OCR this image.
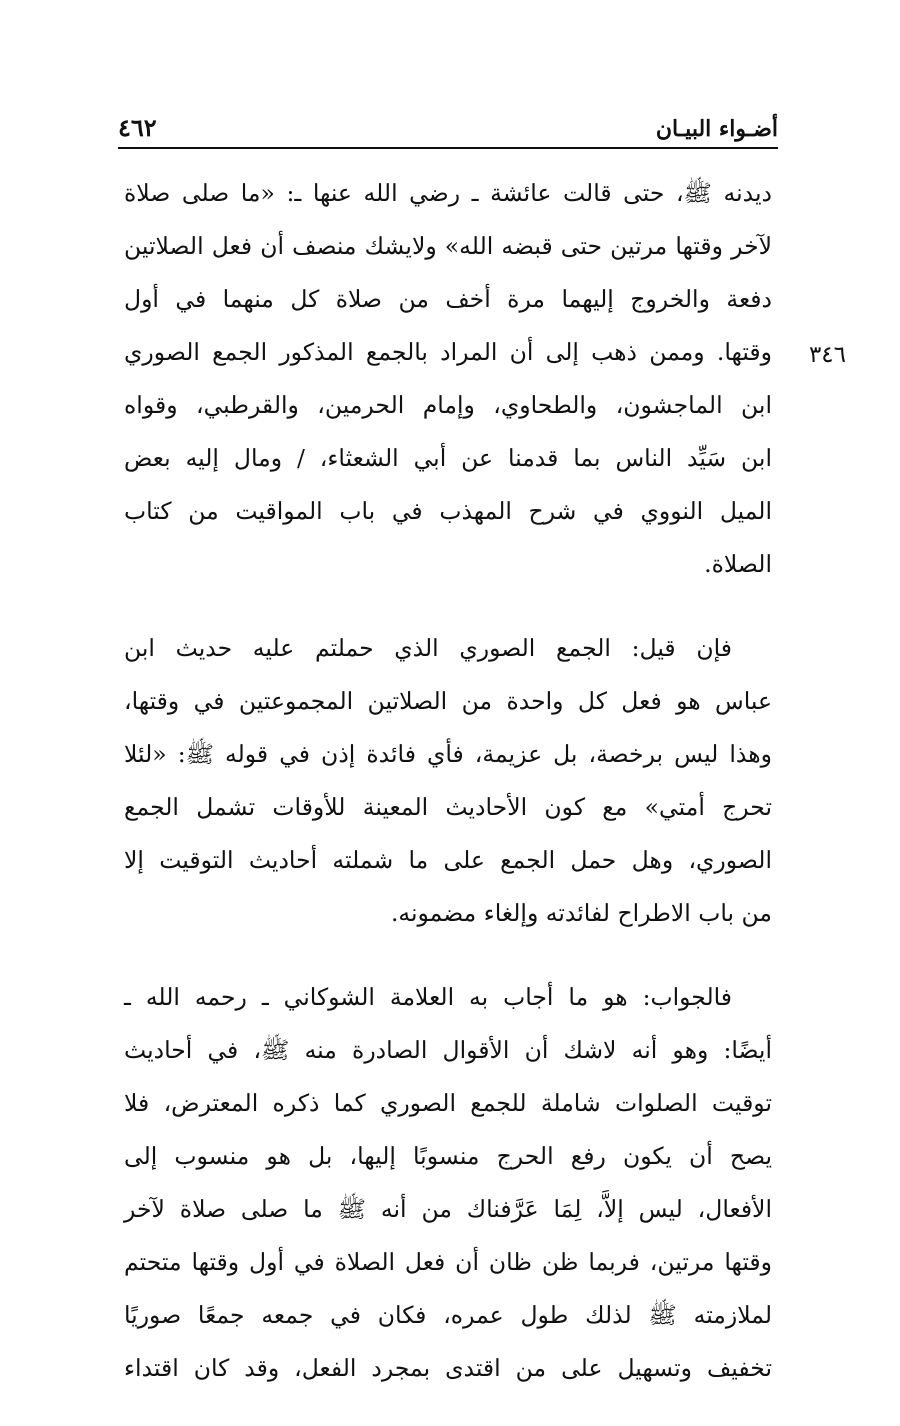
٤٦٢	أضـواء البيـان
٣٤٦
ديدنه ﷺ، حتى قالت عائشة ـ رضي الله عنها ـ: «ما صلى صلاة
لآخر وقتها مرتين حتى قبضه الله» ولايشك منصف أن فعل الصلاتين
دفعة والخروج إليهما مرة أخف من صلاة كل منهما في أول
وقتها. وممن ذهب إلى أن المراد بالجمع المذكور الجمع الصوري
ابن الماجشون، والطحاوي، وإمام الحرمين، والقرطبي، وقواه
ابن سَيِّد الناس بما قدمنا عن أبي الشعثاء، / ومال إليه بعض
الميل النووي في شرح المهذب في باب المواقيت من كتاب
الصلاة.
فإن قيل: الجمع الصوري الذي حملتم عليه حديث ابن
عباس هو فعل كل واحدة من الصلاتين المجموعتين في وقتها،
وهذا ليس برخصة، بل عزيمة، فأي فائدة إذن في قوله ﷺ: «لئلا
تحرج أمتي» مع كون الأحاديث المعينة للأوقات تشمل الجمع
الصوري، وهل حمل الجمع على ما شملته أحاديث التوقيت إلا
من باب الاطراح لفائدته وإلغاء مضمونه.
فالجواب: هو ما أجاب به العلامة الشوكاني ـ رحمه الله ـ
أيضًا: وهو أنه لاشك أن الأقوال الصادرة منه ﷺ، في أحاديث
توقيت الصلوات شاملة للجمع الصوري كما ذكره المعترض، فلا
يصح أن يكون رفع الحرج منسوبًا إليها، بل هو منسوب إلى
الأفعال، ليس إلاَّ، لِمَا عَرَّفناك من أنه ﷺ ما صلى صلاة لآخر
وقتها مرتين، فربما ظن ظان أن فعل الصلاة في أول وقتها متحتم
لملازمته ﷺ لذلك طول عمره، فكان في جمعه جمعًا صوريًا
تخفيف وتسهيل على من اقتدى بمجرد الفعل، وقد كان اقتداء
